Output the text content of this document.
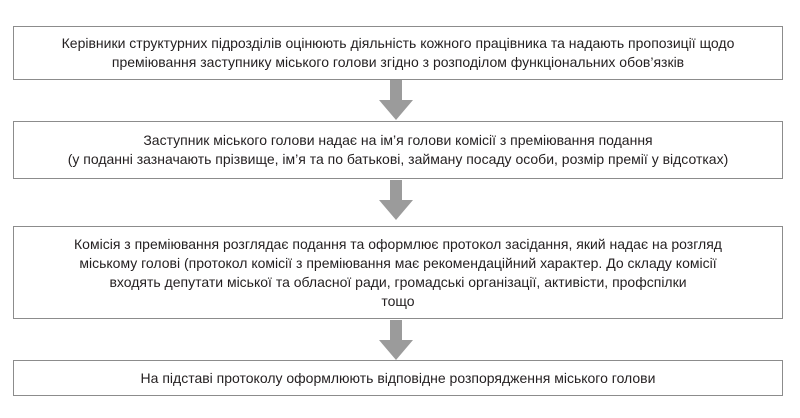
Керівники структурних підрозділів оцінюють діяльність кожного працівника та надають пропозиції щодо
преміювання заступнику міського голови згідно з розподілом функціональних обов’язків
Заступник міського голови надає на ім’я голови комісії з преміювання подання
(у поданні зазначають прізвище, ім’я та по батькові, займану посаду особи, розмір премії у відсотках)
Комісія з преміювання розглядає подання та оформлює протокол засідання, який надає на розгляд
міському голові (протокол комісії з преміювання має рекомендаційний характер. До складу комісії
входять депутати міської та обласної ради, громадські організації, активісти, профспілки
тощо
На підставі протоколу оформлюють відповідне розпорядження міського голови
